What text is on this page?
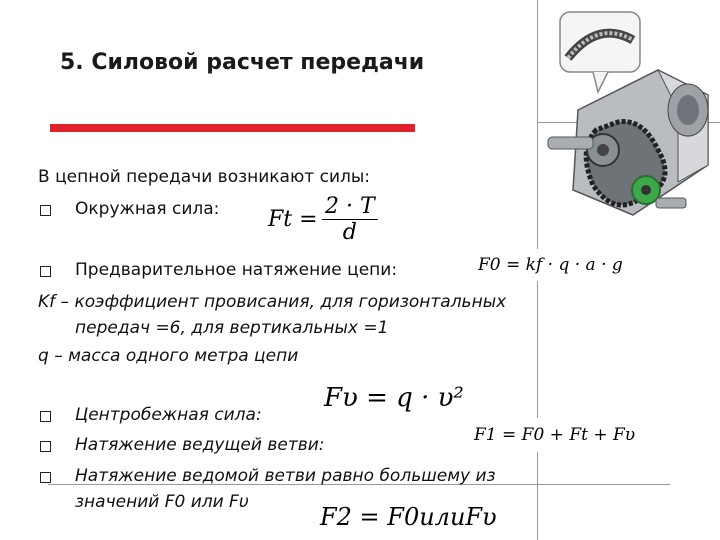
5. Силовой расчет передачи
В цепной передачи возникают силы:
Окружная сила: $Ft = \frac{2 \cdot T}{d}$
Предварительное натяжение цепи:	F0 = kf · q · a · g
Kf – коэффициент провисания, для горизонтальных
передач =6, для вертикальных =1
q – масса одного метра цепи
Fυ = q · υ²
Центробежная сила:
Натяжение ведущей ветви:	F1 = F0 + Ft + Fυ
Натяжение ведомой ветви равно большему из
значений F0 или Fυ
F2 = F0илиFυ
